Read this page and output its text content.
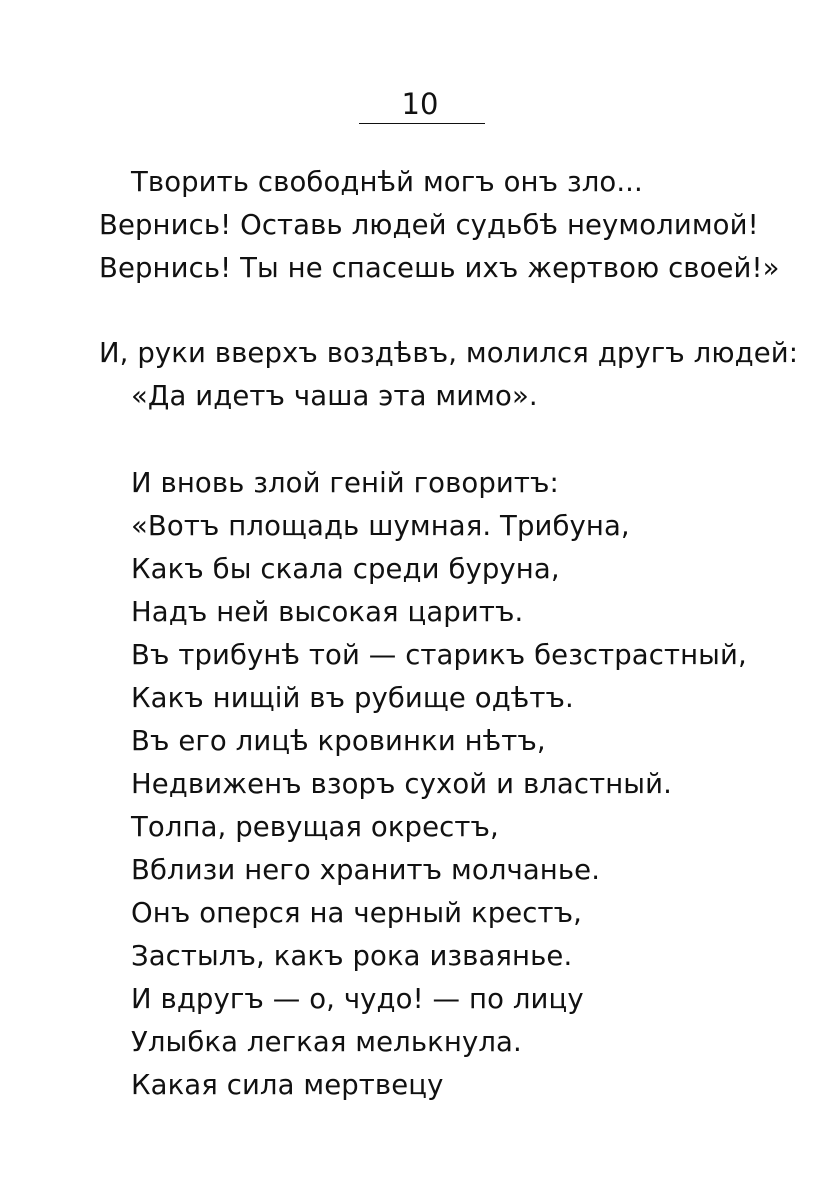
10
Творить свободнѣй могъ онъ зло...
Вернись! Оставь людей судьбѣ неумолимой!
Вернись! Ты не спасешь ихъ жертвою своей!»
И, руки вверхъ воздѣвъ, молился другъ людей:
«Да идетъ чаша эта мимо».
И вновь злой генiй говоритъ:
«Вотъ площадь шумная. Трибуна,
Какъ бы скала среди буруна,
Надъ ней высокая царитъ.
Въ трибунѣ той — старикъ безстрастный,
Какъ нищiй въ рубище одѣтъ.
Въ его лицѣ кровинки нѣтъ,
Недвиженъ взоръ сухой и властный.
Толпа, ревущая окрестъ,
Вблизи него хранитъ молчанье.
Онъ оперся на черный крестъ,
Застылъ, какъ рока изваянье.
И вдругъ — о, чудо! — по лицу
Улыбка легкая мелькнула.
Какая сила мертвецу
